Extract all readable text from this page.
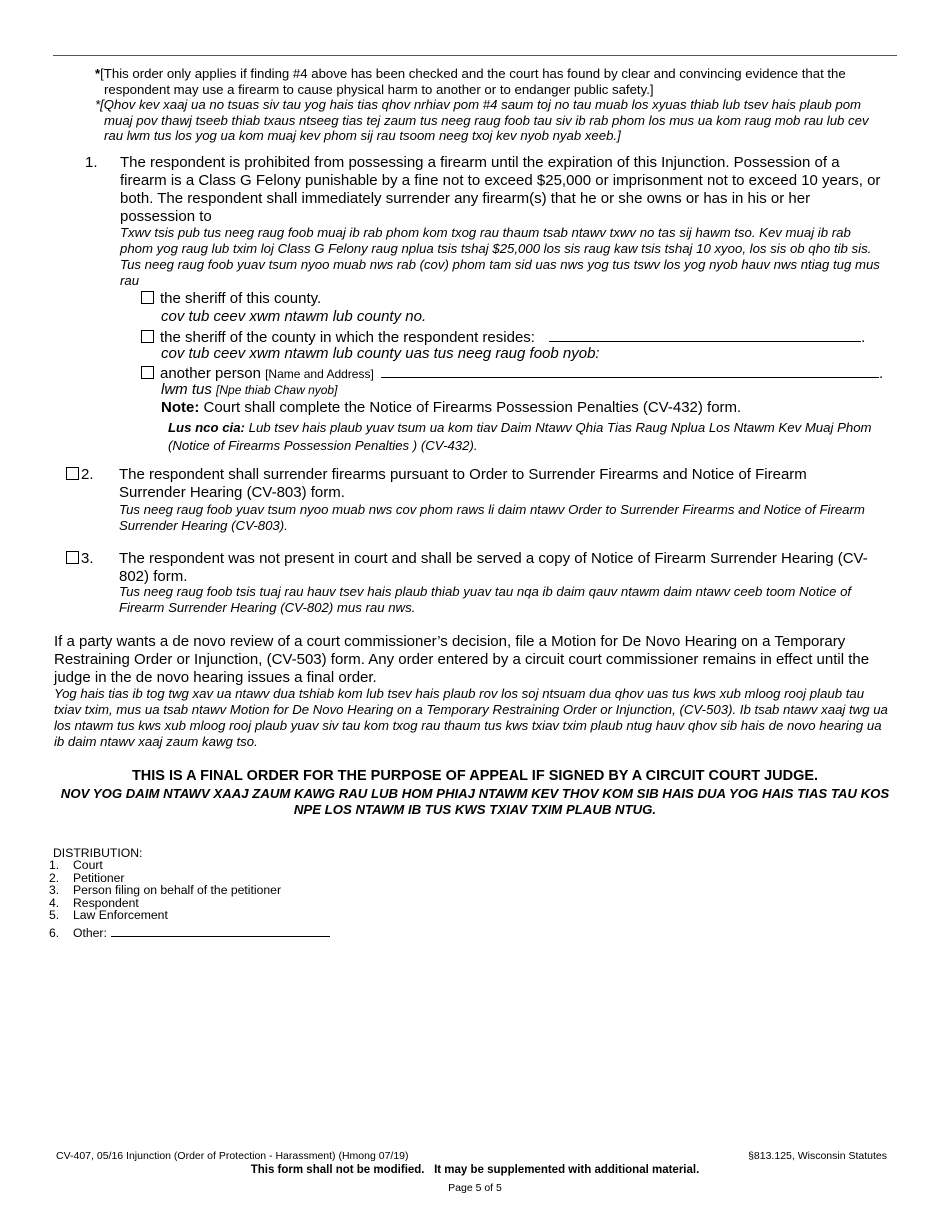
*[This order only applies if finding #4 above has been checked and the court has found by clear and convincing evidence that the respondent may use a firearm to cause physical harm to another or to endanger public safety.]
*[Qhov kev xaaj ua no tsuas siv tau yog hais tias qhov nrhiav pom #4 saum toj no tau muab los xyuas thiab lub tsev hais plaub pom muaj pov thawj tseeb thiab txaus ntseeg tias tej zaum tus neeg raug foob tau siv ib rab phom los mus ua kom raug mob rau lub cev rau lwm tus los yog ua kom muaj kev phom sij rau tsoom neeg txoj kev nyob nyab xeeb.]
1. The respondent is prohibited from possessing a firearm until the expiration of this Injunction. Possession of a firearm is a Class G Felony punishable by a fine not to exceed $25,000 or imprisonment not to exceed 10 years, or both. The respondent shall immediately surrender any firearm(s) that he or she owns or has in his or her possession to
Txwv tsis pub tus neeg raug foob muaj ib rab phom kom txog rau thaum tsab ntawv txwv no tas sij hawm tso. Kev muaj ib rab phom yog raug lub txim loj Class G Felony raug nplua tsis tshaj $25,000 los sis raug kaw tsis tshaj 10 xyoo, los sis ob qho tib sis. Tus neeg raug foob yuav tsum nyoo muab nws rab (cov) phom tam sid uas nws yog tus tswv los yog nyob hauv nws ntiag tug mus rau
the sheriff of this county.
cov tub ceev xwm ntawm lub county no.
the sheriff of the county in which the respondent resides:	.
cov tub ceev xwm ntawm lub county uas tus neeg raug foob nyob:
another person [Name and Address]	.
lwm tus [Npe thiab Chaw nyob]
Note: Court shall complete the Notice of Firearms Possession Penalties (CV-432) form.
Lus nco cia: Lub tsev hais plaub yuav tsum ua kom tiav Daim Ntawv Qhia Tias Raug Nplua Los Ntawm Kev Muaj Phom (Notice of Firearms Possession Penalties ) (CV-432).
2. The respondent shall surrender firearms pursuant to Order to Surrender Firearms and Notice of Firearm Surrender Hearing (CV-803) form.
Tus neeg raug foob yuav tsum nyoo muab nws cov phom raws li daim ntawv Order to Surrender Firearms and Notice of Firearm Surrender Hearing (CV-803).
3. The respondent was not present in court and shall be served a copy of Notice of Firearm Surrender Hearing (CV-802) form.
Tus neeg raug foob tsis tuaj rau hauv tsev hais plaub thiab yuav tau nqa ib daim qauv ntawm daim ntawv ceeb toom Notice of Firearm Surrender Hearing (CV-802) mus rau nws.
If a party wants a de novo review of a court commissioner’s decision, file a Motion for De Novo Hearing on a Temporary Restraining Order or Injunction, (CV-503) form. Any order entered by a circuit court commissioner remains in effect until the judge in the de novo hearing issues a final order.
Yog hais tias ib tog twg xav ua ntawv dua tshiab kom lub tsev hais plaub rov los soj ntsuam dua qhov uas tus kws xub mloog rooj plaub tau txiav txim, mus ua tsab ntawv Motion for De Novo Hearing on a Temporary Restraining Order or Injunction, (CV-503). Ib tsab ntawv xaaj twg ua los ntawm tus kws xub mloog rooj plaub yuav siv tau kom txog rau thaum tus kws txiav txim plaub ntug hauv qhov sib hais de novo hearing ua ib daim ntawv xaaj zaum kawg tso.
THIS IS A FINAL ORDER FOR THE PURPOSE OF APPEAL IF SIGNED BY A CIRCUIT COURT JUDGE.
NOV YOG DAIM NTAWV XAAJ ZAUM KAWG RAU LUB HOM PHIAJ NTAWM KEV THOV KOM SIB HAIS DUA YOG HAIS TIAS TAU KOS NPE LOS NTAWM IB TUS KWS TXIAV TXIM PLAUB NTUG.
DISTRIBUTION:
1. Court
2. Petitioner
3. Person filing on behalf of the petitioner
4. Respondent
5. Law Enforcement
6. Other:
CV-407, 05/16 Injunction (Order of Protection - Harassment) (Hmong 07/19)	§813.125, Wisconsin Statutes
This form shall not be modified.   It may be supplemented with additional material.
Page 5 of 5
